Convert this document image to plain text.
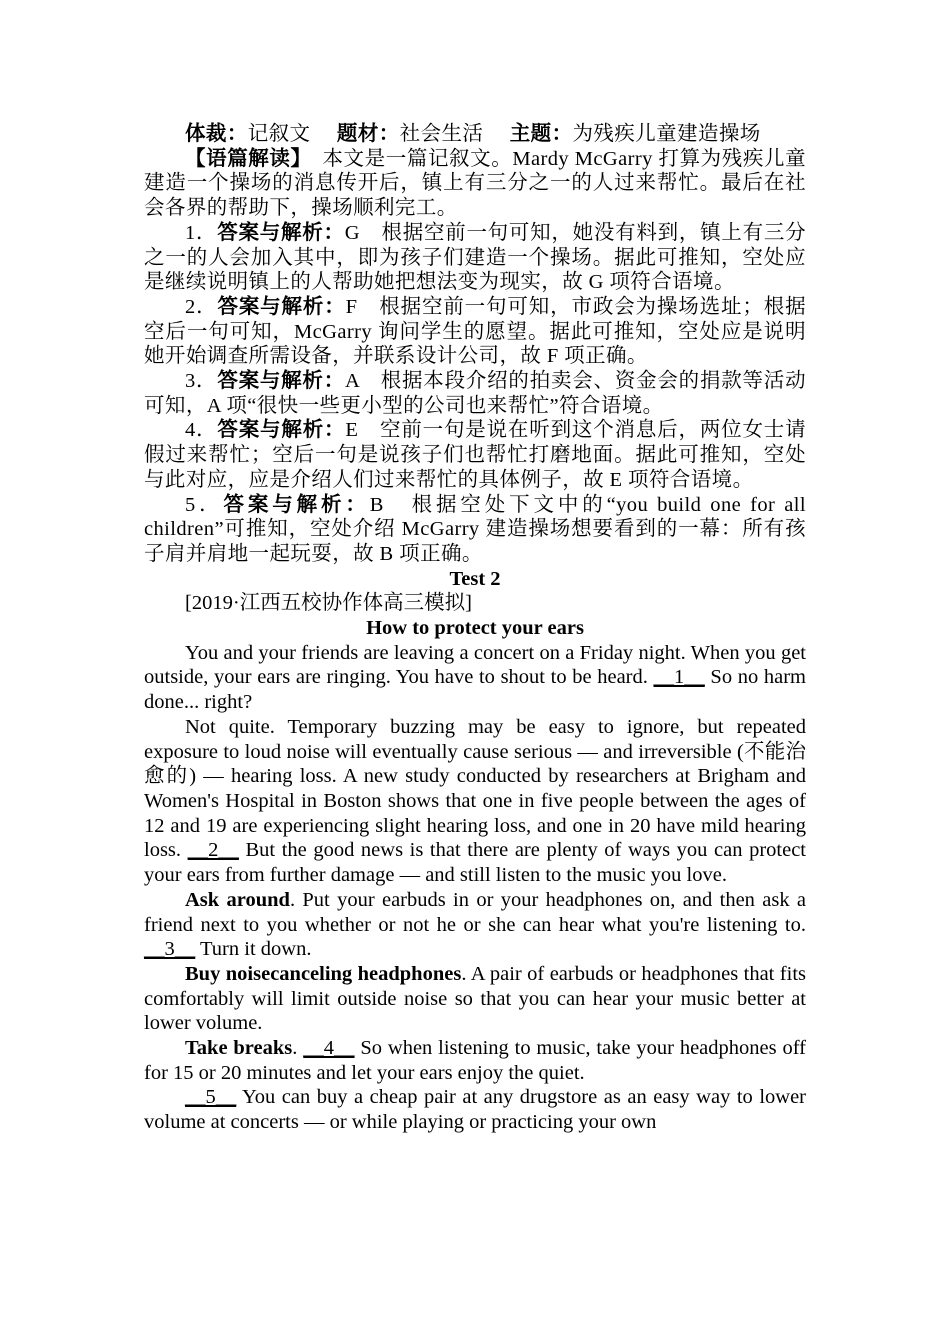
体裁：记叙文　 题材：社会生活　 主题：为残疾儿童建造操场

【语篇解读】　 本文是一篇记叙文。Mardy McGarry 打算为残疾儿童建造一个操场的消息传开后，镇上有三分之一的人过来帮忙。最后在社会各界的帮助下，操场顺利完工。

1．答案与解析：G　根据空前一句可知，她没有料到，镇上有三分之一的人会加入其中，即为孩子们建造一个操场。据此可推知，空处应是继续说明镇上的人帮助她把想法变为现实，故 G 项符合语境。

2．答案与解析：F　根据空前一句可知，市政会为操场选址；根据空后一句可知，McGarry 询问学生的愿望。据此可推知，空处应是说明她开始调查所需设备，并联系设计公司，故 F 项正确。

3．答案与解析：A　根据本段介绍的拍卖会、资金会的捐款等活动可知，A 项“很快一些更小型的公司也来帮忙”符合语境。

4．答案与解析：E　空前一句是说在听到这个消息后，两位女士请假过来帮忙；空后一句是说孩子们也帮忙打磨地面。据此可推知，空处与此对应，应是介绍人们过来帮忙的具体例子，故 E 项符合语境。

5．答案与解析：B　根据空处下文中的“you build one for all children”可推知，空处介绍 McGarry 建造操场想要看到的一幕：所有孩子肩并肩地一起玩耍，故 B 项正确。

Test 2

[2019·江西五校协作体高三模拟]

How to protect your ears

You and your friends are leaving a concert on a Friday night. When you get outside, your ears are ringing. You have to shout to be heard. __1__ So no harm done... right?

Not quite. Temporary buzzing may be easy to ignore, but repeated exposure to loud noise will eventually cause serious — and irreversible (不能治愈的) — hearing loss. A new study conducted by researchers at Brigham and Women's Hospital in Boston shows that one in five people between the ages of 12 and 19 are experiencing slight hearing loss, and one in 20 have mild hearing loss. __2__ But the good news is that there are plenty of ways you can protect your ears from further damage — and still listen to the music you love.

Ask around. Put your earbuds in or your headphones on, and then ask a friend next to you whether or not he or she can hear what you're listening to. __3__ Turn it down.

Buy noisecanceling headphones. A pair of earbuds or headphones that fits comfortably will limit outside noise so that you can hear your music better at lower volume.

Take breaks. __4__ So when listening to music, take your headphones off for 15 or 20 minutes and let your ears enjoy the quiet.

__5__ You can buy a cheap pair at any drugstore as an easy way to lower volume at concerts — or while playing or practicing your own
